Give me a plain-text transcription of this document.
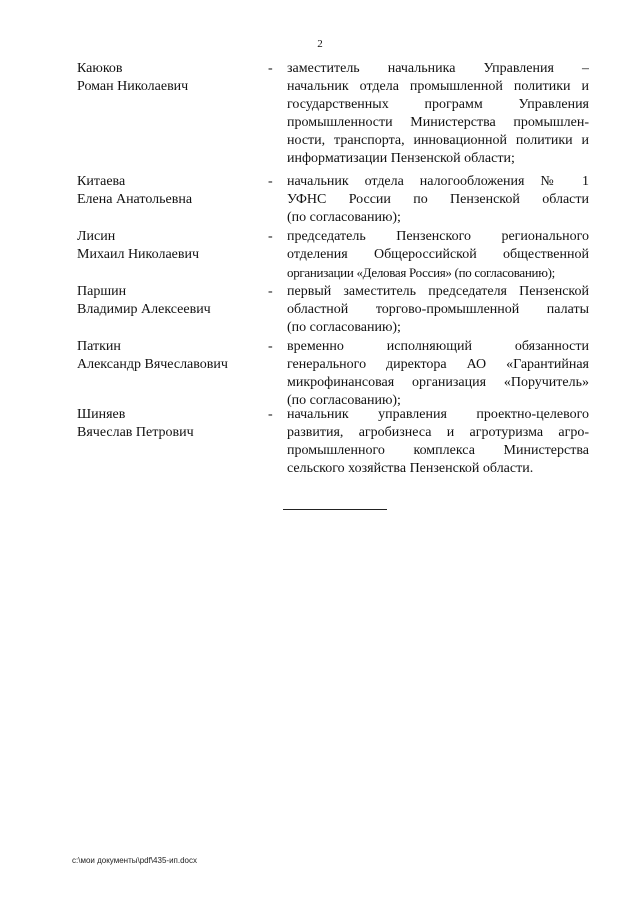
2
Каюков
Роман Николаевич
- заместитель начальника Управления –
начальник отдела промышленной политики и
государственных программ Управления
промышленности Министерства промышлен-
ности, транспорта, инновационной политики и
информатизации Пензенской области;
Китаева
Елена Анатольевна
- начальник отдела налогообложения № 1
УФНС России по Пензенской области
(по согласованию);
Лисин
Михаил Николаевич
- председатель Пензенского регионального
отделения Общероссийской общественной
организации «Деловая Россия» (по согласованию);
Паршин
Владимир Алексеевич
- первый заместитель председателя Пензенской
областной торгово-промышленной палаты
(по согласованию);
Паткин
Александр Вячеславович
- временно исполняющий обязанности
генерального директора АО «Гарантийная
микрофинансовая организация «Поручитель»
(по согласованию);
Шиняев
Вячеслав Петрович
- начальник управления проектно-целевого
развития, агробизнеса и агротуризма агро-
промышленного комплекса Министерства
сельского хозяйства Пензенской области.
c:\мои документы\pdf\435-ип.docx
